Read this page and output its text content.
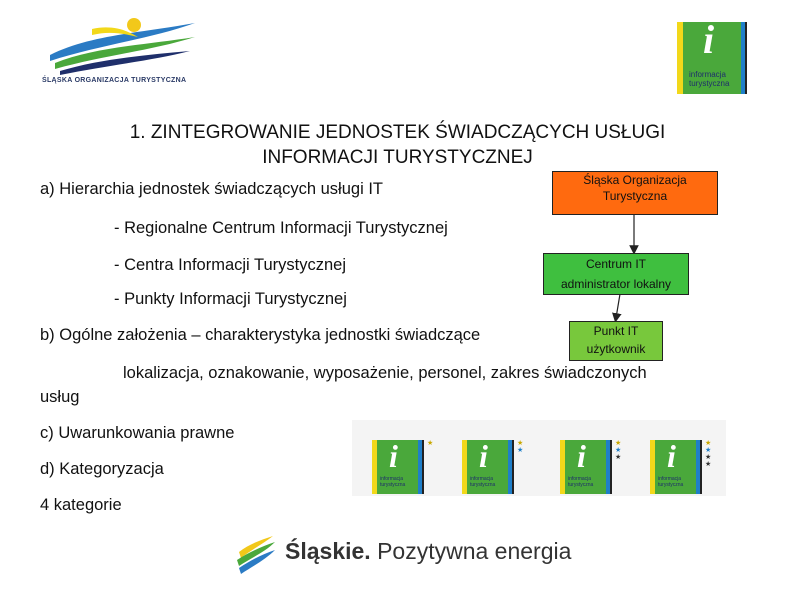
ŚLĄSKA ORGANIZACJA TURYSTYCZNA
i
informacja
turystyczna
1. ZINTEGROWANIE JEDNOSTEK ŚWIADCZĄCYCH USŁUGI
INFORMACJI TURYSTYCZNEJ
a) Hierarchia jednostek świadczących usługi IT
- Regionalne Centrum Informacji Turystycznej
- Centra Informacji Turystycznej
- Punkty Informacji Turystycznej
b) Ogólne założenia – charakterystyka jednostki świadczące
lokalizacja, oznakowanie, wyposażenie, personel, zakres świadczonych
usług
c) Uwarunkowania prawne
d) Kategoryzacja
4 kategorie
Śląska Organizacja
Turystyczna
Centrum IT
administrator lokalny
Punkt IT
użytkownik
i
informacja
turystyczna
★ i
informacja
turystyczna
★
★ i
informacja
turystyczna
★
★
★ i
informacja
turystyczna
★
★
★
★
Śląskie. Pozytywna energia
